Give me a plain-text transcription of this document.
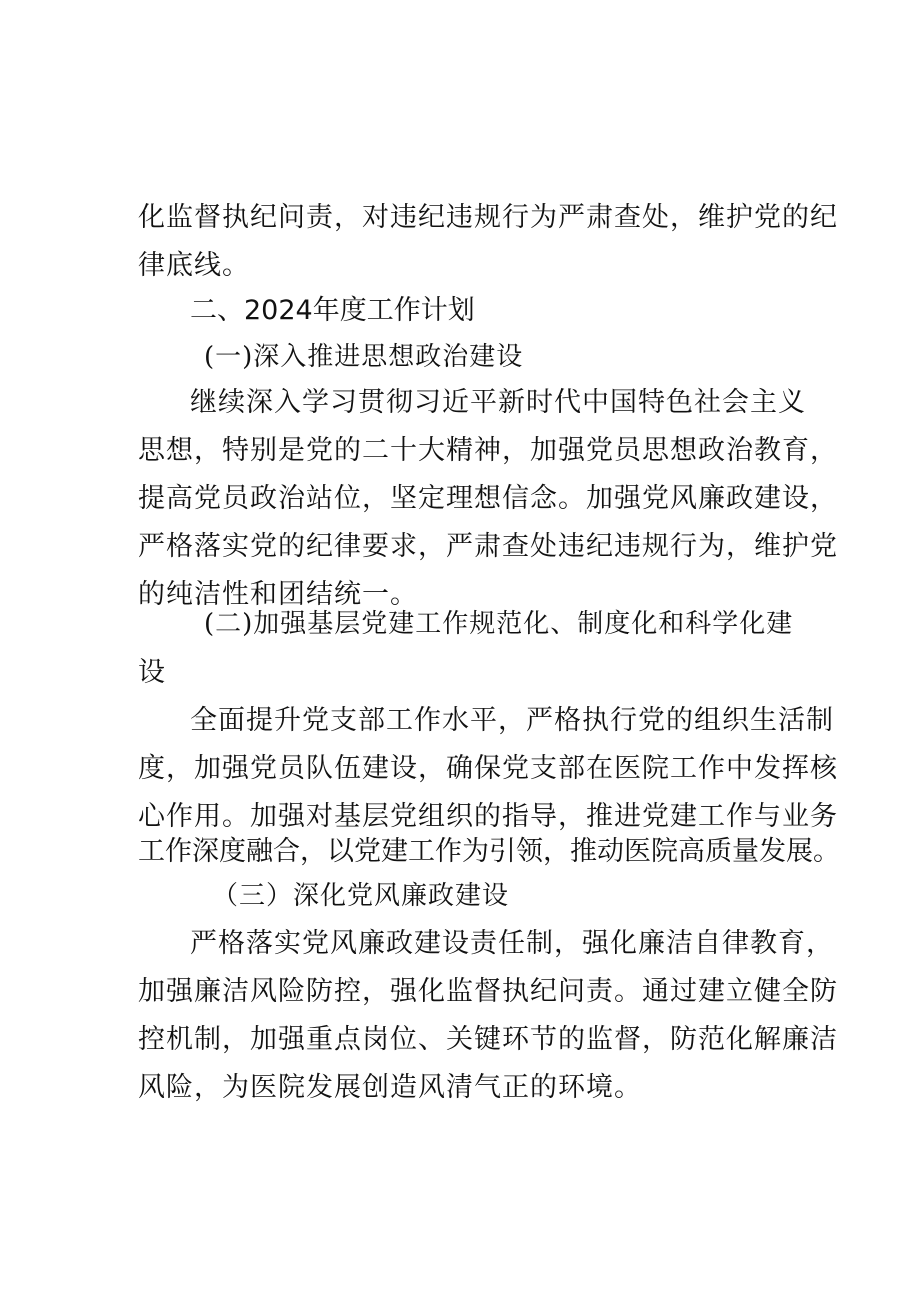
化监督执纪问责，对违纪违规行为严肃查处，维护党的纪
律底线。
二、2024年度工作计划
(一)深入推进思想政治建设
继续深入学习贯彻习近平新时代中国特色社会主义
思想，特别是党的二十大精神，加强党员思想政治教育，
提高党员政治站位，坚定理想信念。加强党风廉政建设，
严格落实党的纪律要求，严肃查处违纪违规行为，维护党
的纯洁性和团结统一。
(二)加强基层党建工作规范化、制度化和科学化建
设
全面提升党支部工作水平，严格执行党的组织生活制
度，加强党员队伍建设，确保党支部在医院工作中发挥核
心作用。加强对基层党组织的指导，推进党建工作与业务
工作深度融合，以党建工作为引领，推动医院高质量发展。
（三）深化党风廉政建设
严格落实党风廉政建设责任制，强化廉洁自律教育，
加强廉洁风险防控，强化监督执纪问责。通过建立健全防
控机制，加强重点岗位、关键环节的监督，防范化解廉洁
风险，为医院发展创造风清气正的环境。
